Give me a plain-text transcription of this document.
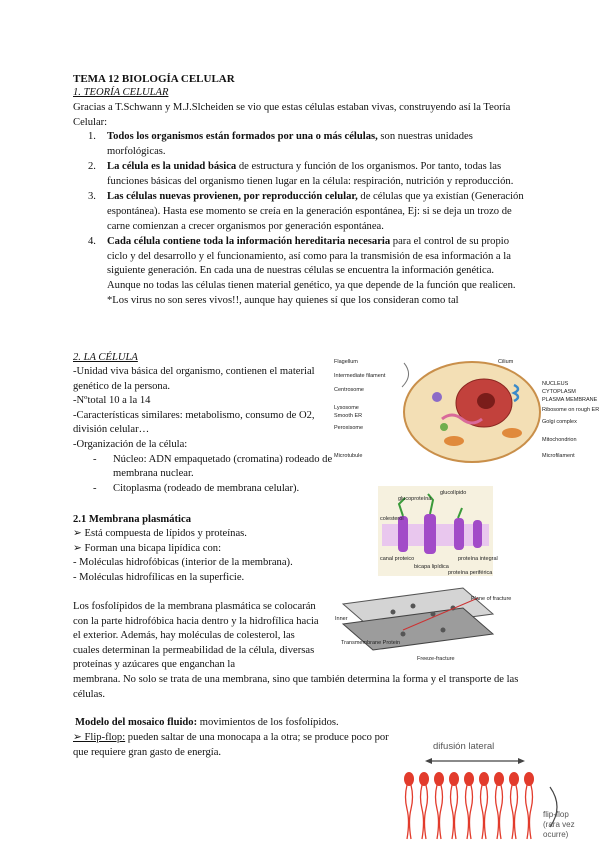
TEMA 12 BIOLOGÍA CELULAR
1. TEORÍA CELULAR
Gracias a T.Schwann y M.J.Slcheiden se vio que estas células estaban vivas, construyendo así la Teoría Celular:
1. Todos los organismos están formados por una o más células, son nuestras unidades morfológicas.
2. La célula es la unidad básica de estructura y función de los organismos. Por tanto, todas las funciones básicas del organismo tienen lugar en la célula: respiración, nutrición y reproducción.
3. Las células nuevas provienen, por reproducción celular, de células que ya existían (Generación espontánea). Hasta ese momento se creía en la generación espontánea, Ej: si se deja un trozo de carne comienzan a crecer organismos por generación espontánea.
4. Cada célula contiene toda la información hereditaria necesaria para el control de su propio ciclo y del desarrollo y el funcionamiento, así como para la transmisión de esa información a la siguiente generación. En cada una de nuestras células se encuentra la información genética. Aunque no todas las células tienen material genético, ya que depende de la función que realicen. *Los virus no son seres vivos!!, aunque hay quienes sí que los consideran como tal
2. LA CÉLULA
-Unidad viva básica del organismo, contienen el material genético de la persona.
-Nºtotal 10 a la 14
-Características similares: metabolismo, consumo de O2, división celular…
-Organización de la célula:
- Núcleo: ADN empaquetado (cromatina) rodeado de membrana nuclear.
- Citoplasma (rodeado de membrana celular).
2.1 Membrana plasmática
➢ Está compuesta de lípidos y proteínas.
➢ Forman una bicapa lipídica con:
- Moléculas hidrofóbicas (interior de la membrana).
- Moléculas hidrofílicas en la superficie.
Los fosfolípidos de la membrana plasmática se colocarán con la parte hidrofóbica hacia dentro y la hidrofílica hacia el exterior. Además, hay moléculas de colesterol, las cuales determinan la permeabilidad de la célula, diversas proteínas y azúcares que enganchan la
membrana. No solo se trata de una membrana, sino que también determina la forma y el transporte de las células.
Modelo del mosaico fluido: movimientos de los fosfolípidos.
➢ Flip-flop: pueden saltar de una monocapa a la otra; se produce poco por que requiere gran gasto de energía.
Flagellum
Intermediate filament
Centrosome
Lysosome
Smooth ER
Peroxisome
Microtubule
Cilium
NUCLEUS
CYTOPLASM
PLASMA MEMBRANE
Ribosome on rough ER
Golgi complex
Mitochondrion
Microfilament
glucolípido
glucoproteína
colesterol
proteína integral
canal proteico
bicapa lipídica
proteína periférica
Plane of fracture
Transmembrane Protein
Freeze-fracture
Inner
difusión lateral
flip-flop
(rara vez
ocurre)
